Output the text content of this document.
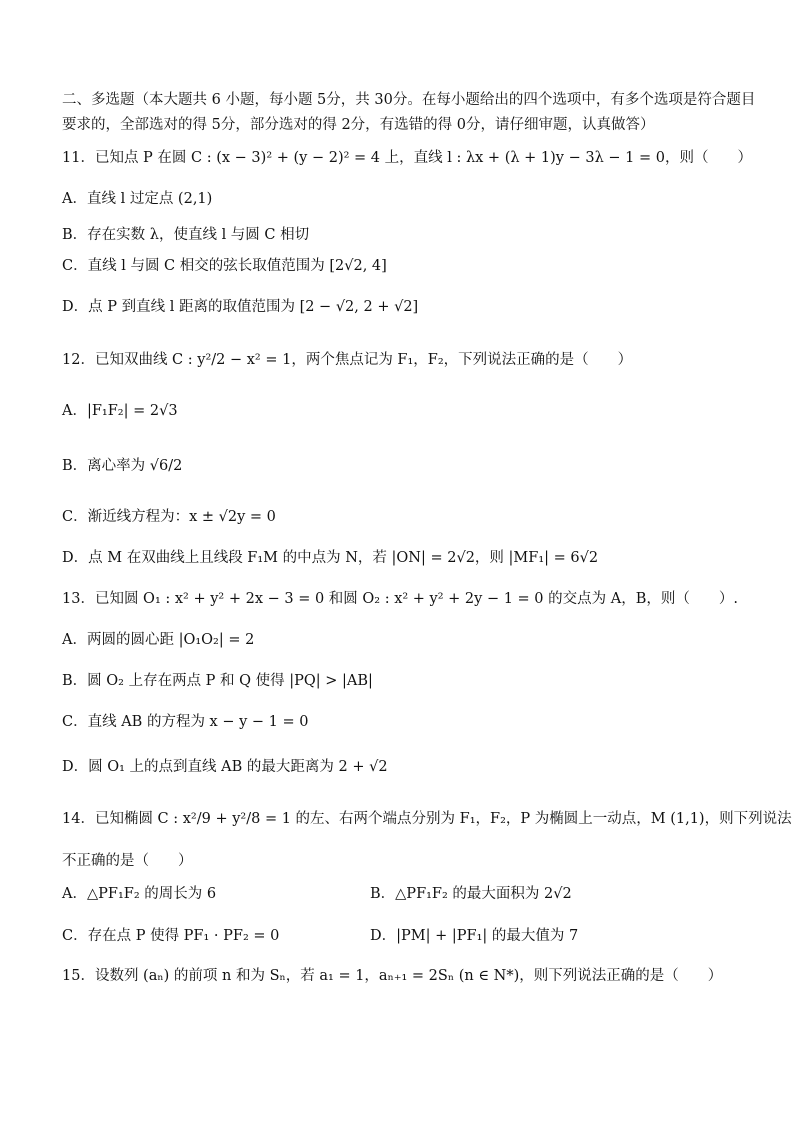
二、多选题（本大题共 6 小题，每小题 5分，共 30分。在每小题给出的四个选项中，有多个选项是符合题目
要求的，全部选对的得 5分，部分选对的得 2分，有选错的得 0分，请仔细审题，认真做答）
11．已知点 P 在圆 C : (x − 3)² + (y − 2)² = 4 上，直线 l : λx + (λ + 1)y − 3λ − 1 = 0，则（　　）
A．直线 l 过定点 (2,1)
B．存在实数 λ，使直线 l 与圆 C 相切
C．直线 l 与圆 C 相交的弦长取值范围为 [2√2, 4]
D．点 P 到直线 l 距离的取值范围为 [2 − √2, 2 + √2]
12．已知双曲线 C : y²/2 − x² = 1，两个焦点记为 F₁，F₂，下列说法正确的是（　　）
A．|F₁F₂| = 2√3
B．离心率为 √6/2
C．渐近线方程为：x ± √2y = 0
D．点 M 在双曲线上且线段 F₁M 的中点为 N，若 |ON| = 2√2，则 |MF₁| = 6√2
13．已知圆 O₁ : x² + y² + 2x − 3 = 0 和圆 O₂ : x² + y² + 2y − 1 = 0 的交点为 A，B，则（　　）.
A．两圆的圆心距 |O₁O₂| = 2
B．圆 O₂ 上存在两点 P 和 Q 使得 |PQ| > |AB|
C．直线 AB 的方程为 x − y − 1 = 0
D．圆 O₁ 上的点到直线 AB 的最大距离为 2 + √2
14．已知椭圆 C : x²/9 + y²/8 = 1 的左、右两个端点分别为 F₁，F₂，P 为椭圆上一动点，M (1,1)，则下列说法
不正确的是（　　）
A．△PF₁F₂ 的周长为 6	B．△PF₁F₂ 的最大面积为 2√2
C．存在点 P 使得 PF₁ · PF₂ = 0	D．|PM| + |PF₁| 的最大值为 7
15．设数列 (aₙ) 的前项 n 和为 Sₙ，若 a₁ = 1，aₙ₊₁ = 2Sₙ (n ∈ N*)，则下列说法正确的是（　　）
